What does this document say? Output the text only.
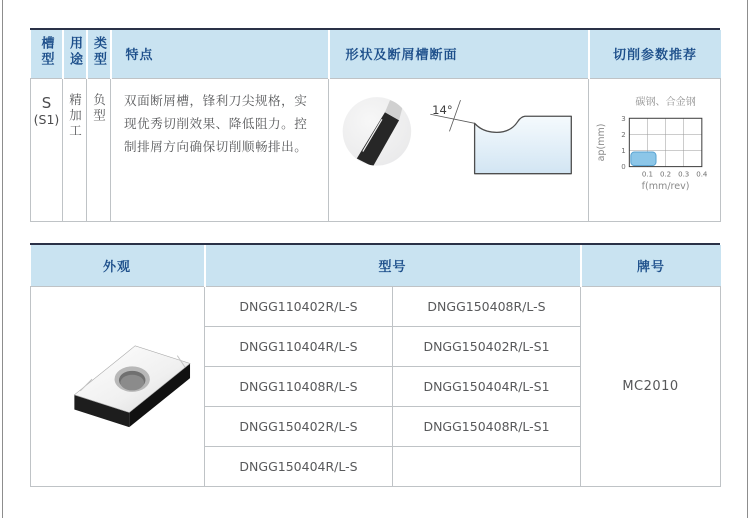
槽型	用途	类型	特点	形状及断屑槽断面	切削参数推荐

S
(S1)	精加工	负型	双面断屑槽，锋利刀尖规格，实现优秀切削效果、降低阻力。控制排屑方向确保切削顺畅排出。	
14°

碳钢、合金钢
3
2
1
0
0.1 0.2 0.3 0.4
ap(mm)
f(mm/rev)
外观	型号		牌号

	DNGG110402R/L-S	DNGG150408R/L-S	MC2010
	DNGG110404R/L-S	DNGG150402R/L-S1	
	DNGG110408R/L-S	DNGG150404R/L-S1	
	DNGG150402R/L-S	DNGG150408R/L-S1	
	DNGG150404R/L-S		
